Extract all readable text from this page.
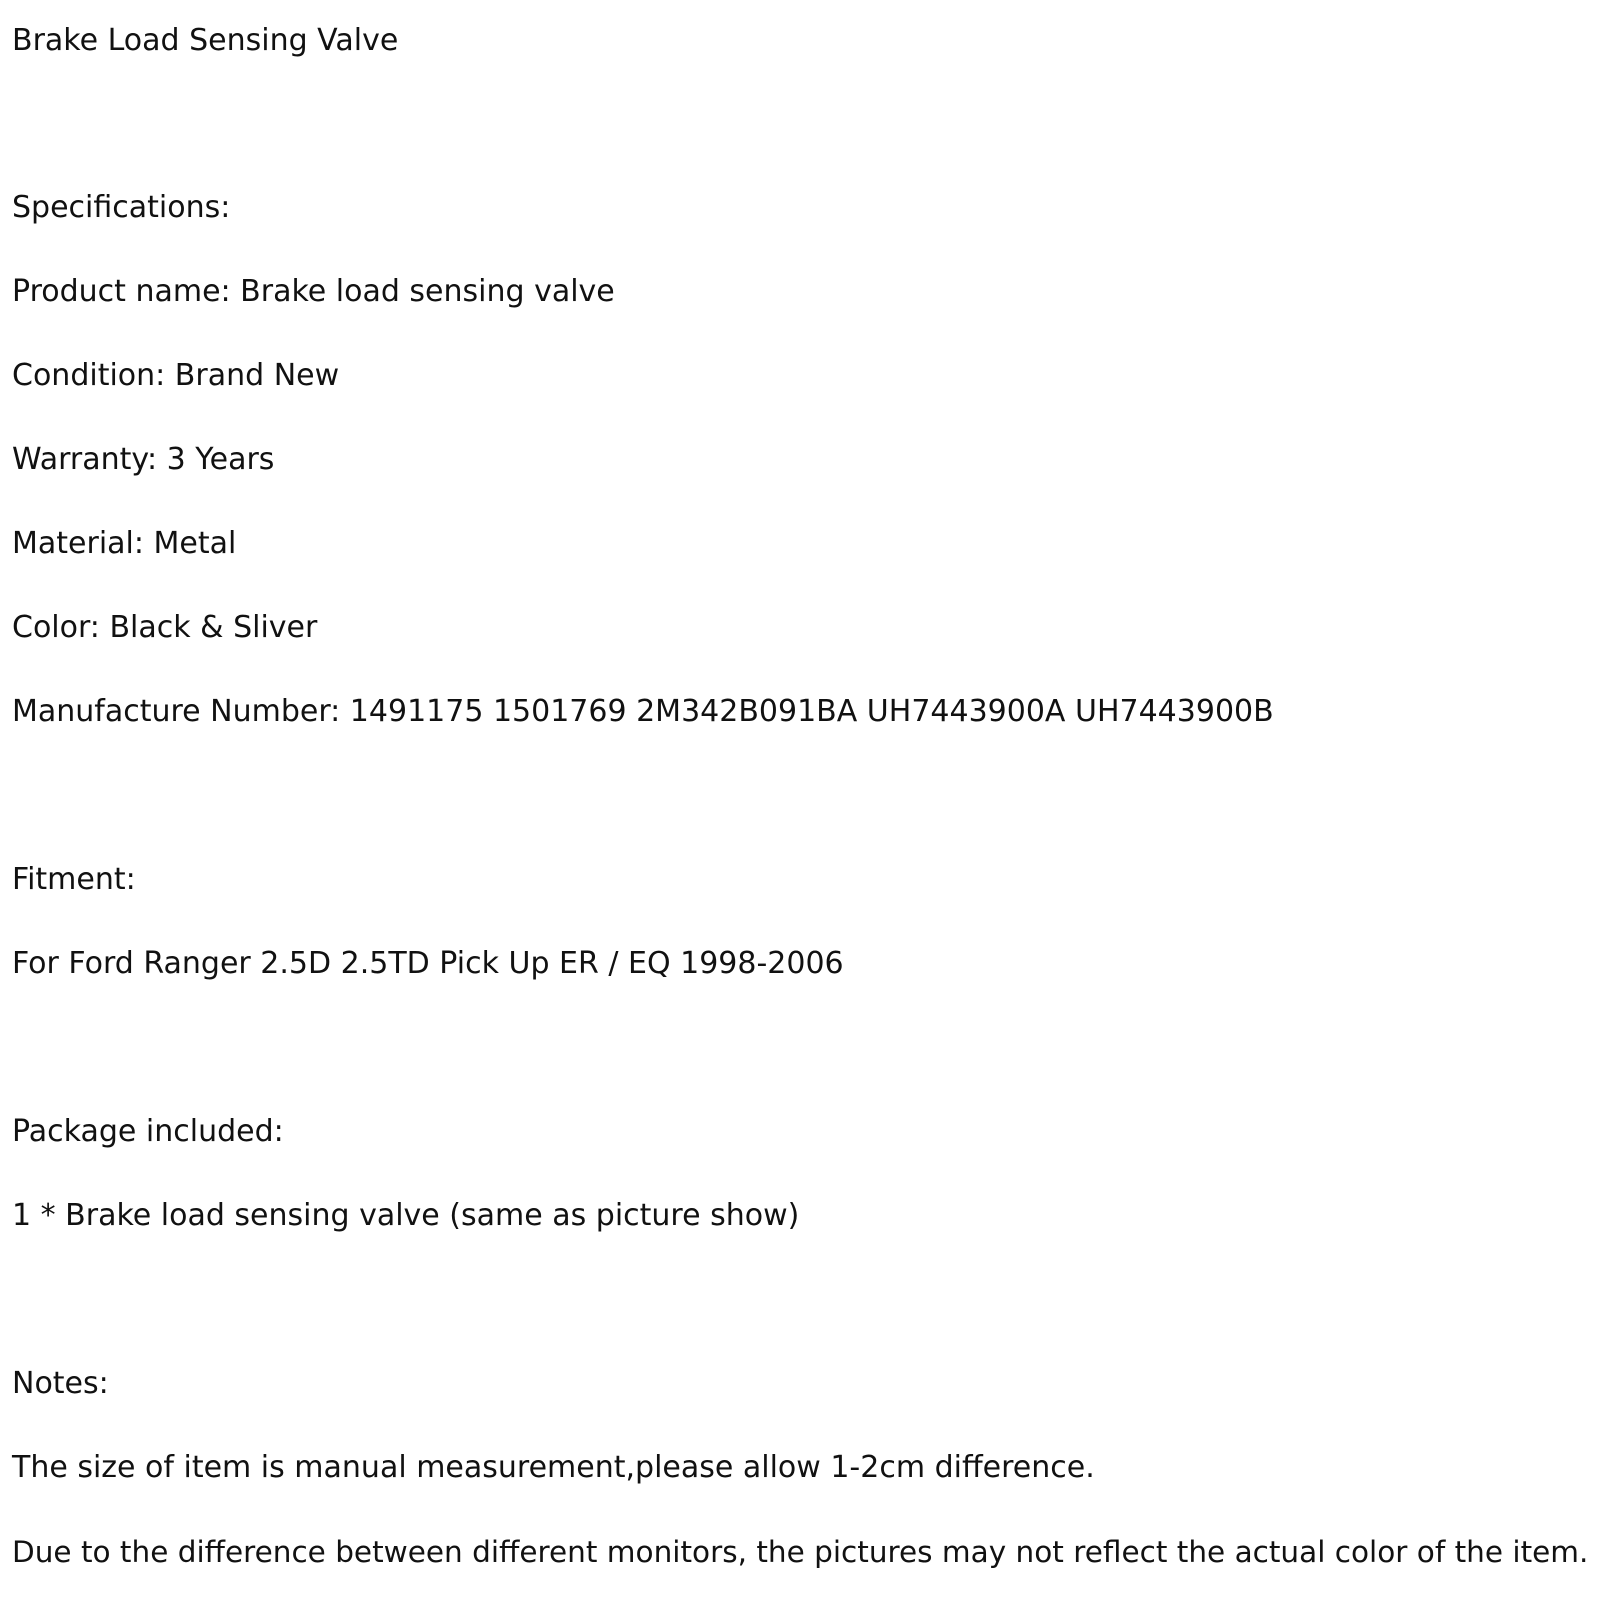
Brake Load Sensing Valve
Specifications:
Product name: Brake load sensing valve
Condition: Brand New
Warranty: 3 Years
Material: Metal
Color: Black & Sliver
Manufacture Number: 1491175 1501769 2M342B091BA UH7443900A UH7443900B
Fitment:
For Ford Ranger 2.5D 2.5TD Pick Up ER / EQ 1998-2006
Package included:
1 * Brake load sensing valve (same as picture show)
Notes:
The size of item is manual measurement,please allow 1-2cm difference.
Due to the difference between different monitors, the pictures may not reflect the actual color of the item.
